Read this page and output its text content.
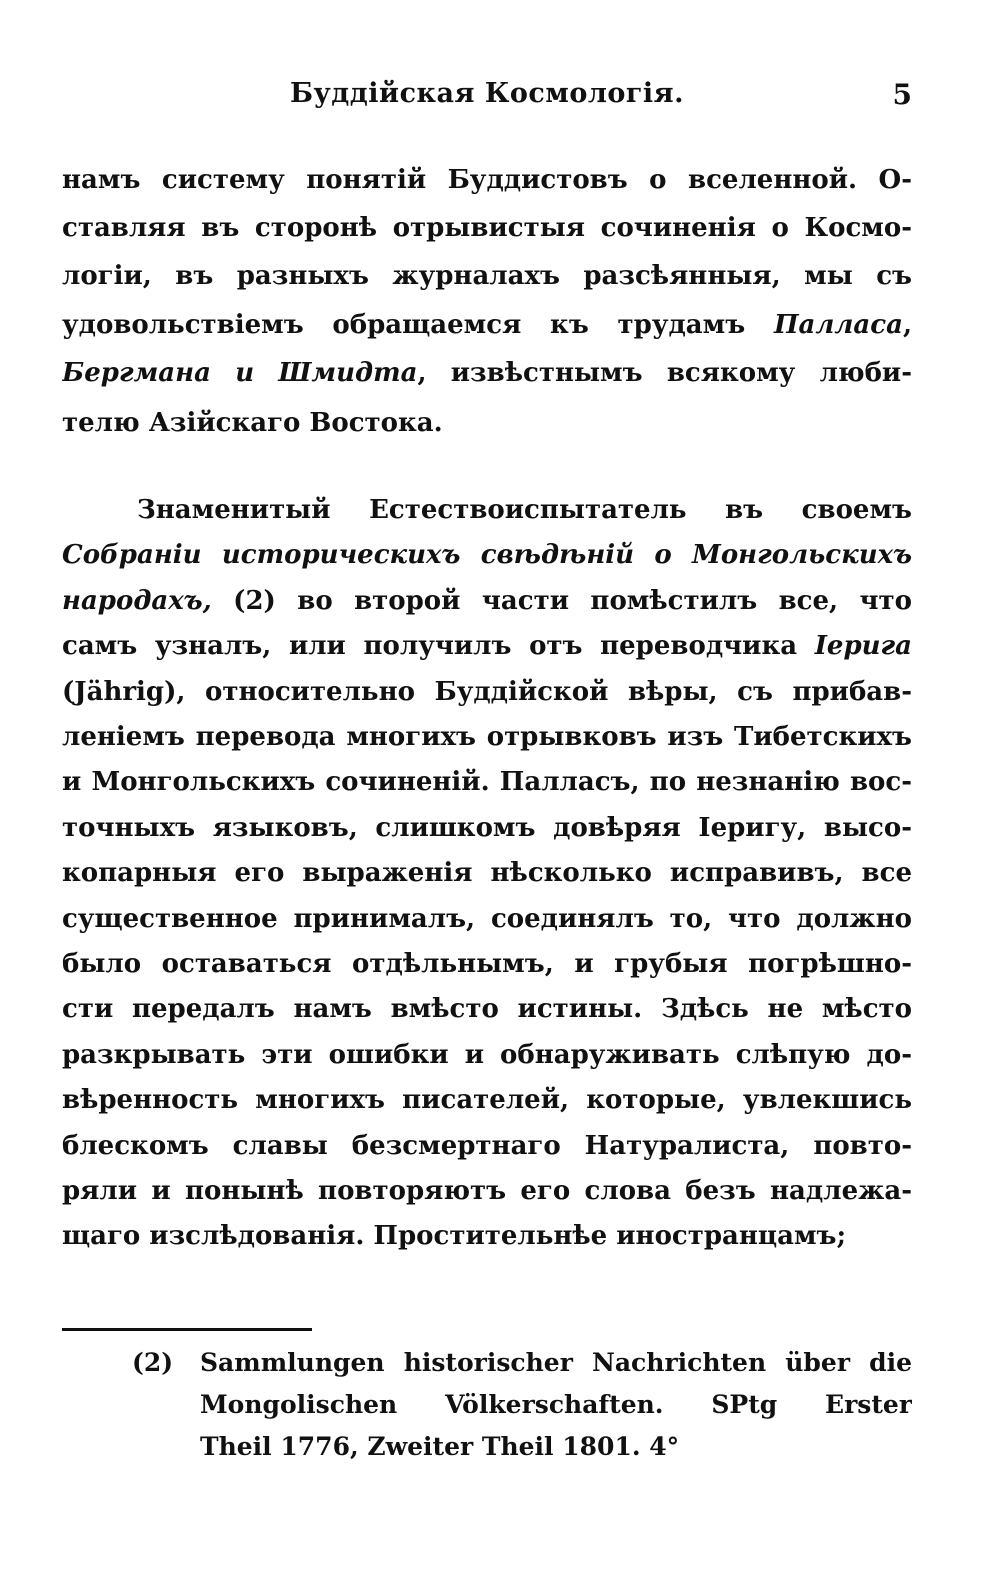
Буддійская Космологія.	5
намъ систему понятій Буддистовъ о вселенной. О-
ставляя въ сторонѣ отрывистыя сочиненія о Космо-
логіи, въ разныхъ журналахъ разсѣянныя, мы съ
удовольствіемъ обращаемся къ трудамъ Палласа,
Бергмана и Шмидта, извѣстнымъ всякому люби-
телю Азійскаго Востока.
Знаменитый Естествоиспытатель въ своемъ
Собраніи историческихъ свѣдѣній о Монгольскихъ
народахъ, (2) во второй части помѣстилъ все, что
самъ узналъ, или получилъ отъ переводчика Іерига
(Jährig), относительно Буддійской вѣры, съ прибав-
леніемъ перевода многихъ отрывковъ изъ Тибетскихъ
и Монгольскихъ сочиненій. Палласъ, по незнанію вос-
точныхъ языковъ, слишкомъ довѣряя Іеригу, высо-
копарныя его выраженія нѣсколько исправивъ, все
существенное принималъ, соединялъ то, что должно
было оставаться отдѣльнымъ, и грубыя погрѣшно-
сти передалъ намъ вмѣсто истины. Здѣсь не мѣсто
разкрывать эти ошибки и обнаруживать слѣпую до-
вѣренность многихъ писателей, которые, увлекшись
блескомъ славы безсмертнаго Натуралиста, повто-
ряли и понынѣ повторяютъ его слова безъ надлежа-
щаго изслѣдованія. Простительнѣе иностранцамъ;
(2)	Sammlungen historischer Nachrichten über die
Mongolischen Völkerschaften. SPtg Erster
Theil 1776, Zweiter Theil 1801. 4°
